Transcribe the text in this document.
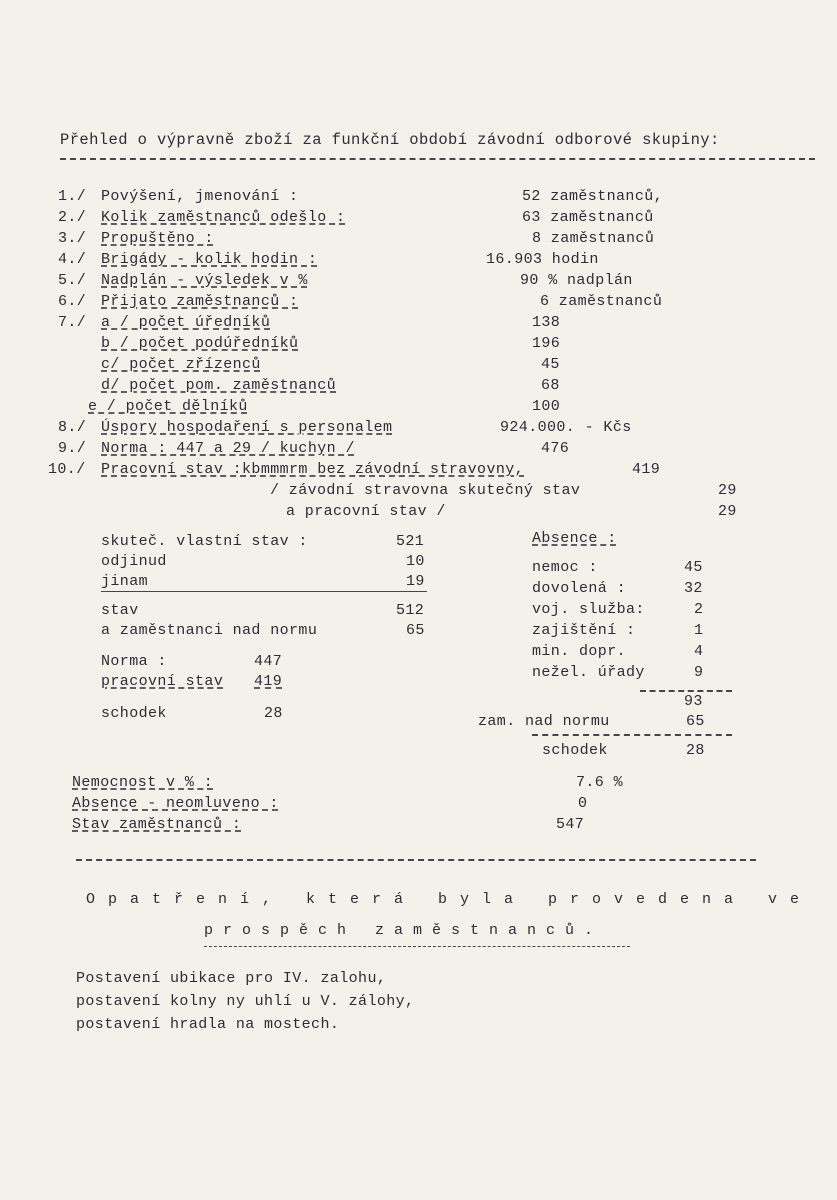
Přehled o výpravně zboží za funkční období závodní odborové skupiny:
1./ Povýšení, jmenování :	52 zaměstnanců,
2./ Kolik zaměstnanců odešlo :	63 zaměstnanců
3./ Propuštěno :	8 zaměstnanců
4./ Brigády - kolik hodin :	16.903 hodin
5./ Nadplán - výsledek v %	90 % nadplán
6./ Přijato zaměstnanců :	6 zaměstnanců
7./ a / počet úředníků	138
b / počet podúředníků	196
c/ počet zřízenců	45
d/ počet pom. zaměstnanců	68
e / počet dělníků	100
8./ Úspory hospodaření s personalem	924.000. - Kčs
9./ Norma : 447 a 29 / kuchyn /	476
10./ Pracovní stav :kbmmmrm bez závodní stravovny,	419
/ závodní stravovna skutečný stav	29
a pracovní stav /	29
skuteč. vlastní stav :	521
odjinud	10
jinam	19
stav	512
a zaměstnanci nad normu	65
Norma :	447
pracovní stav 419
schodek	28
Absence :
nemoc :	45
dovolená :	32
voj. služba:	2
zajištění :	1
min. dopr.	4
nežel. úřady	9
93
zam. nad normu	65
schodek	28
Nemocnost v % :	7.6 %
Absence - neomluveno :	0
Stav zaměstnanců :	547
Opatření, která byla provedena ve
prospěch zaměstnanců.
Postavení ubikace pro IV. zalohu,
postavení kolny ny uhlí u V. zálohy,
postavení hradla na mostech.
